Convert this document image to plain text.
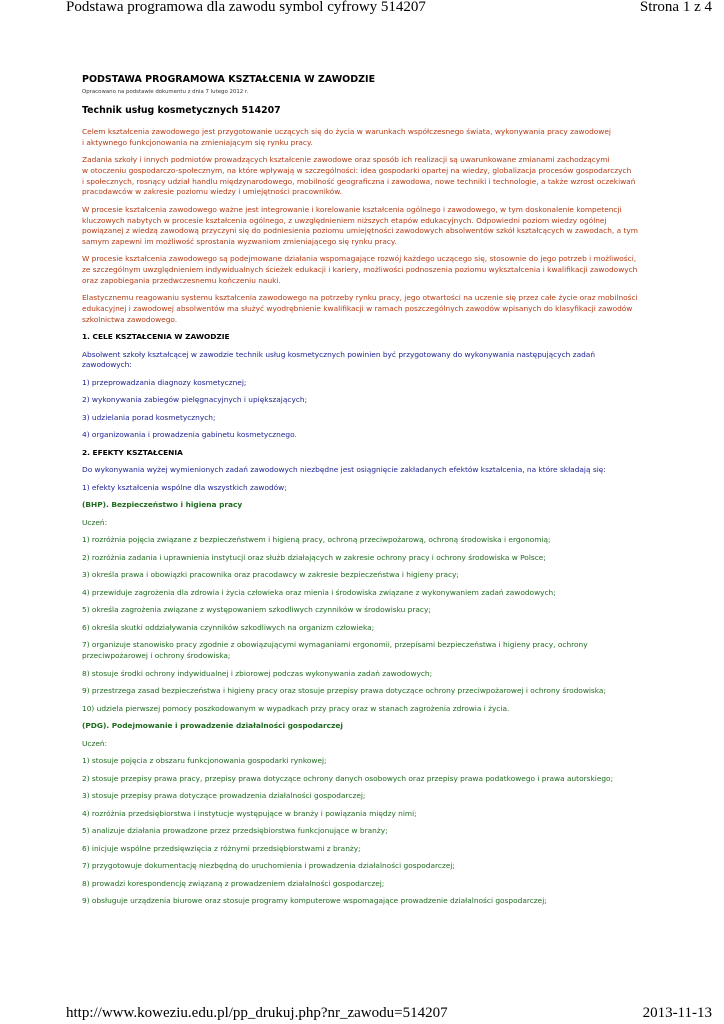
Podstawa programowa dla zawodu symbol cyfrowy 514207	Strona 1 z 4
PODSTAWA PROGRAMOWA KSZTAŁCENIA W ZAWODZIE
Opracowano na podstawie dokumentu z dnia 7 lutego 2012 r.
Technik usług kosmetycznych 514207
Celem kształcenia zawodowego jest przygotowanie uczących się do życia w warunkach współczesnego świata, wykonywania pracy zawodowej
i aktywnego funkcjonowania na zmieniającym się rynku pracy.
Zadania szkoły i innych podmiotów prowadzących kształcenie zawodowe oraz sposób ich realizacji są uwarunkowane zmianami zachodzącymi
w otoczeniu gospodarczo-społecznym, na które wpływają w szczególności: idea gospodarki opartej na wiedzy, globalizacja procesów gospodarczych
i społecznych, rosnący udział handlu międzynarodowego, mobilność geograficzna i zawodowa, nowe techniki i technologie, a także wzrost oczekiwań
pracodawców w zakresie poziomu wiedzy i umiejętności pracowników.
W procesie kształcenia zawodowego ważne jest integrowanie i korelowanie kształcenia ogólnego i zawodowego, w tym doskonalenie kompetencji
kluczowych nabytych w procesie kształcenia ogólnego, z uwzględnieniem niższych etapów edukacyjnych. Odpowiedni poziom wiedzy ogólnej
powiązanej z wiedzą zawodową przyczyni się do podniesienia poziomu umiejętności zawodowych absolwentów szkół kształcących w zawodach, a tym
samym zapewni im możliwość sprostania wyzwaniom zmieniającego się rynku pracy.
W procesie kształcenia zawodowego są podejmowane działania wspomagające rozwój każdego uczącego się, stosownie do jego potrzeb i możliwości,
ze szczególnym uwzględnieniem indywidualnych ścieżek edukacji i kariery, możliwości podnoszenia poziomu wykształcenia i kwalifikacji zawodowych
oraz zapobiegania przedwczesnemu kończeniu nauki.
Elastycznemu reagowaniu systemu kształcenia zawodowego na potrzeby rynku pracy, jego otwartości na uczenie się przez całe życie oraz mobilności
edukacyjnej i zawodowej absolwentów ma służyć wyodrębnienie kwalifikacji w ramach poszczególnych zawodów wpisanych do klasyfikacji zawodów
szkolnictwa zawodowego.
1. CELE KSZTAŁCENIA W ZAWODZIE
Absolwent szkoły kształcącej w zawodzie technik usług kosmetycznych powinien być przygotowany do wykonywania następujących zadań
zawodowych:
1) przeprowadzania diagnozy kosmetycznej;
2) wykonywania zabiegów pielęgnacyjnych i upiększających;
3) udzielania porad kosmetycznych;
4) organizowania i prowadzenia gabinetu kosmetycznego.
2. EFEKTY KSZTAŁCENIA
Do wykonywania wyżej wymienionych zadań zawodowych niezbędne jest osiągnięcie zakładanych efektów kształcenia, na które składają się:
1) efekty kształcenia wspólne dla wszystkich zawodów;
(BHP). Bezpieczeństwo i higiena pracy
Uczeń:
1) rozróżnia pojęcia związane z bezpieczeństwem i higieną pracy, ochroną przeciwpożarową, ochroną środowiska i ergonomią;
2) rozróżnia zadania i uprawnienia instytucji oraz służb działających w zakresie ochrony pracy i ochrony środowiska w Polsce;
3) określa prawa i obowiązki pracownika oraz pracodawcy w zakresie bezpieczeństwa i higieny pracy;
4) przewiduje zagrożenia dla zdrowia i życia człowieka oraz mienia i środowiska związane z wykonywaniem zadań zawodowych;
5) określa zagrożenia związane z występowaniem szkodliwych czynników w środowisku pracy;
6) określa skutki oddziaływania czynników szkodliwych na organizm człowieka;
7) organizuje stanowisko pracy zgodnie z obowiązującymi wymaganiami ergonomii, przepisami bezpieczeństwa i higieny pracy, ochrony
przeciwpożarowej i ochrony środowiska;
8) stosuje środki ochrony indywidualnej i zbiorowej podczas wykonywania zadań zawodowych;
9) przestrzega zasad bezpieczeństwa i higieny pracy oraz stosuje przepisy prawa dotyczące ochrony przeciwpożarowej i ochrony środowiska;
10) udziela pierwszej pomocy poszkodowanym w wypadkach przy pracy oraz w stanach zagrożenia zdrowia i życia.
(PDG). Podejmowanie i prowadzenie działalności gospodarczej
Uczeń:
1) stosuje pojęcia z obszaru funkcjonowania gospodarki rynkowej;
2) stosuje przepisy prawa pracy, przepisy prawa dotyczące ochrony danych osobowych oraz przepisy prawa podatkowego i prawa autorskiego;
3) stosuje przepisy prawa dotyczące prowadzenia działalności gospodarczej;
4) rozróżnia przedsiębiorstwa i instytucje występujące w branży i powiązania między nimi;
5) analizuje działania prowadzone przez przedsiębiorstwa funkcjonujące w branży;
6) inicjuje wspólne przedsięwzięcia z różnymi przedsiębiorstwami z branży;
7) przygotowuje dokumentację niezbędną do uruchomienia i prowadzenia działalności gospodarczej;
8) prowadzi korespondencję związaną z prowadzeniem działalności gospodarczej;
9) obsługuje urządzenia biurowe oraz stosuje programy komputerowe wspomagające prowadzenie działalności gospodarczej;
http://www.koweziu.edu.pl/pp_drukuj.php?nr_zawodu=514207	2013-11-13
